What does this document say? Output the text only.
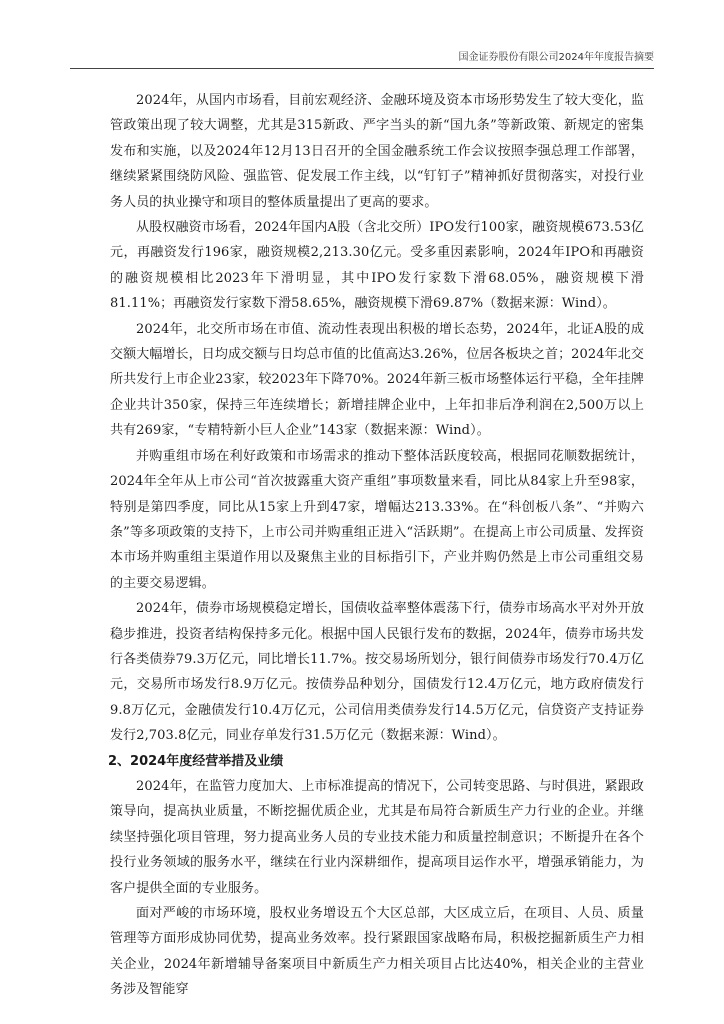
国金证券股份有限公司2024年年度报告摘要

2024年，从国内市场看，目前宏观经济、金融环境及资本市场形势发生了较大变化，监管政策出现了较大调整，尤其是315新政、严字当头的新“国九条”等新政策、新规定的密集发布和实施，以及2024年12月13日召开的全国金融系统工作会议按照李强总理工作部署，继续紧紧围绕防风险、强监管、促发展工作主线，以“钉钉子”精神抓好贯彻落实，对投行业务人员的执业操守和项目的整体质量提出了更高的要求。

从股权融资市场看，2024年国内A股（含北交所）IPO发行100家，融资规模673.53亿元，再融资发行196家，融资规模2,213.30亿元。受多重因素影响，2024年IPO和再融资的融资规模相比2023年下滑明显，其中IPO发行家数下滑68.05%，融资规模下滑81.11%；再融资发行家数下滑58.65%，融资规模下滑69.87%（数据来源：Wind）。

2024年，北交所市场在市值、流动性表现出积极的增长态势，2024年，北证A股的成交额大幅增长，日均成交额与日均总市值的比值高达3.26%，位居各板块之首；2024年北交所共发行上市企业23家，较2023年下降70%。2024年新三板市场整体运行平稳，全年挂牌企业共计350家，保持三年连续增长；新增挂牌企业中，上年扣非后净利润在2,500万以上共有269家，“专精特新小巨人企业”143家（数据来源：Wind）。

并购重组市场在利好政策和市场需求的推动下整体活跃度较高，根据同花顺数据统计，2024年全年从上市公司“首次披露重大资产重组”事项数量来看，同比从84家上升至98家，特别是第四季度，同比从15家上升到47家，增幅达213.33%。在“科创板八条”、“并购六条”等多项政策的支持下，上市公司并购重组正进入“活跃期”。在提高上市公司质量、发挥资本市场并购重组主渠道作用以及聚焦主业的目标指引下，产业并购仍然是上市公司重组交易的主要交易逻辑。

2024年，债券市场规模稳定增长，国债收益率整体震荡下行，债券市场高水平对外开放稳步推进，投资者结构保持多元化。根据中国人民银行发布的数据，2024年，债券市场共发行各类债券79.3万亿元，同比增长11.7%。按交易场所划分，银行间债券市场发行70.4万亿元，交易所市场发行8.9万亿元。按债券品种划分，国债发行12.4万亿元，地方政府债发行9.8万亿元，金融债发行10.4万亿元，公司信用类债券发行14.5万亿元，信贷资产支持证券发行2,703.8亿元，同业存单发行31.5万亿元（数据来源：Wind）。

2、2024年度经营举措及业绩

2024年，在监管力度加大、上市标准提高的情况下，公司转变思路、与时俱进，紧跟政策导向，提高执业质量，不断挖掘优质企业，尤其是布局符合新质生产力行业的企业。并继续坚持强化项目管理，努力提高业务人员的专业技术能力和质量控制意识；不断提升在各个投行业务领域的服务水平，继续在行业内深耕细作，提高项目运作水平，增强承销能力，为客户提供全面的专业服务。

面对严峻的市场环境，股权业务增设五个大区总部，大区成立后，在项目、人员、质量管理等方面形成协同优势，提高业务效率。投行紧跟国家战略布局，积极挖掘新质生产力相关企业，2024年新增辅导备案项目中新质生产力相关项目占比达40%，相关企业的主营业务涉及智能穿
